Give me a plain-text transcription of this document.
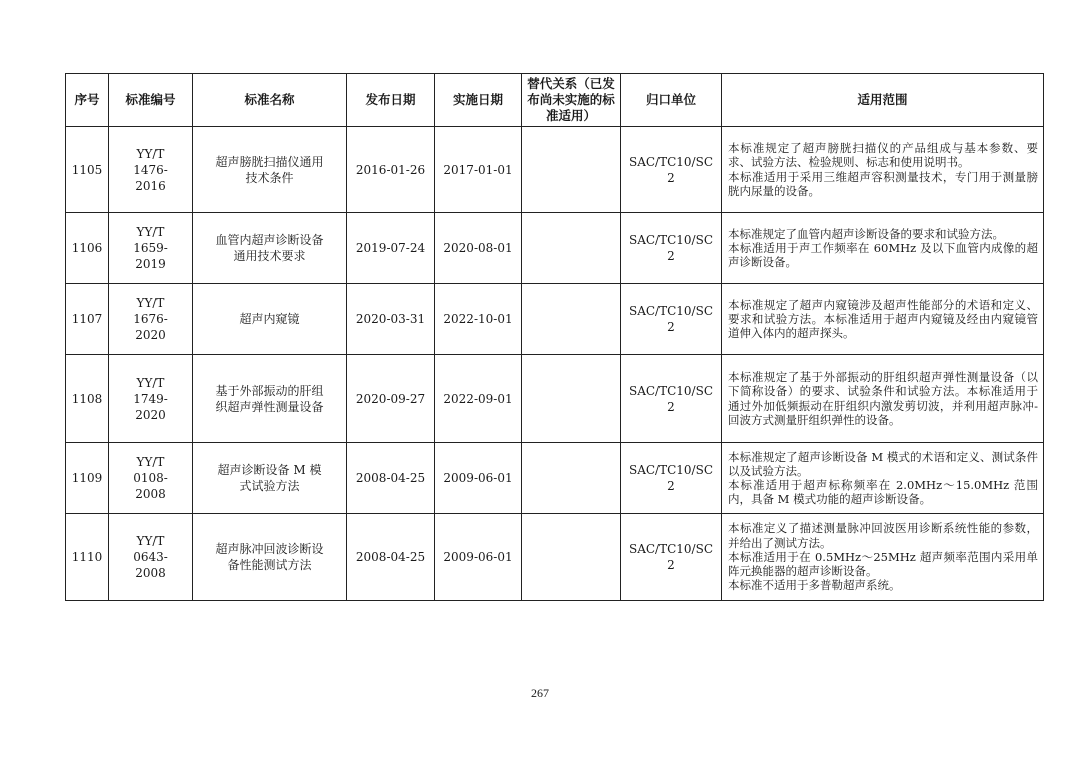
序号	标准编号	标准名称	发布日期	实施日期	替代关系（已发布尚未实施的标准适用）	归口单位	适用范围
1105	YY/T 1476-2016	超声膀胱扫描仪通用技术条件	2016-01-26	2017-01-01		SAC/TC10/SC2	本标准规定了超声膀胱扫描仪的产品组成与基本参数、要求、试验方法、检验规则、标志和使用说明书。

本标准适用于采用三维超声容积测量技术，专门用于测量膀胱内尿量的设备。

1106	YY/T 1659-2019	血管内超声诊断设备通用技术要求	2019-07-24	2020-08-01		SAC/TC10/SC2	本标准规定了血管内超声诊断设备的要求和试验方法。

本标准适用于声工作频率在 60MHz 及以下血管内成像的超声诊断设备。

1107	YY/T 1676-2020	超声内窥镜	2020-03-31	2022-10-01		SAC/TC10/SC2	本标准规定了超声内窥镜涉及超声性能部分的术语和定义、要求和试验方法。本标准适用于超声内窥镜及经由内窥镜管道伸入体内的超声探头。

1108	YY/T 1749-2020	基于外部振动的肝组织超声弹性测量设备	2020-09-27	2022-09-01		SAC/TC10/SC2	本标准规定了基于外部振动的肝组织超声弹性测量设备（以下简称设备）的要求、试验条件和试验方法。本标准适用于通过外加低频振动在肝组织内激发剪切波，并利用超声脉冲-回波方式测量肝组织弹性的设备。

1109	YY/T 0108-2008	超声诊断设备 M 模式试验方法	2008-04-25	2009-06-01		SAC/TC10/SC2	本标准规定了超声诊断设备 M 模式的术语和定义、测试条件以及试验方法。

本标准适用于超声标称频率在 2.0MHz～15.0MHz 范围内，具备 M 模式功能的超声诊断设备。

1110	YY/T 0643-2008	超声脉冲回波诊断设备性能测试方法	2008-04-25	2009-06-01		SAC/TC10/SC2	本标准定义了描述测量脉冲回波医用诊断系统性能的参数，并给出了测试方法。

本标准适用于在 0.5MHz～25MHz 超声频率范围内采用单阵元换能器的超声诊断设备。

本标准不适用于多普勒超声系统。

267
